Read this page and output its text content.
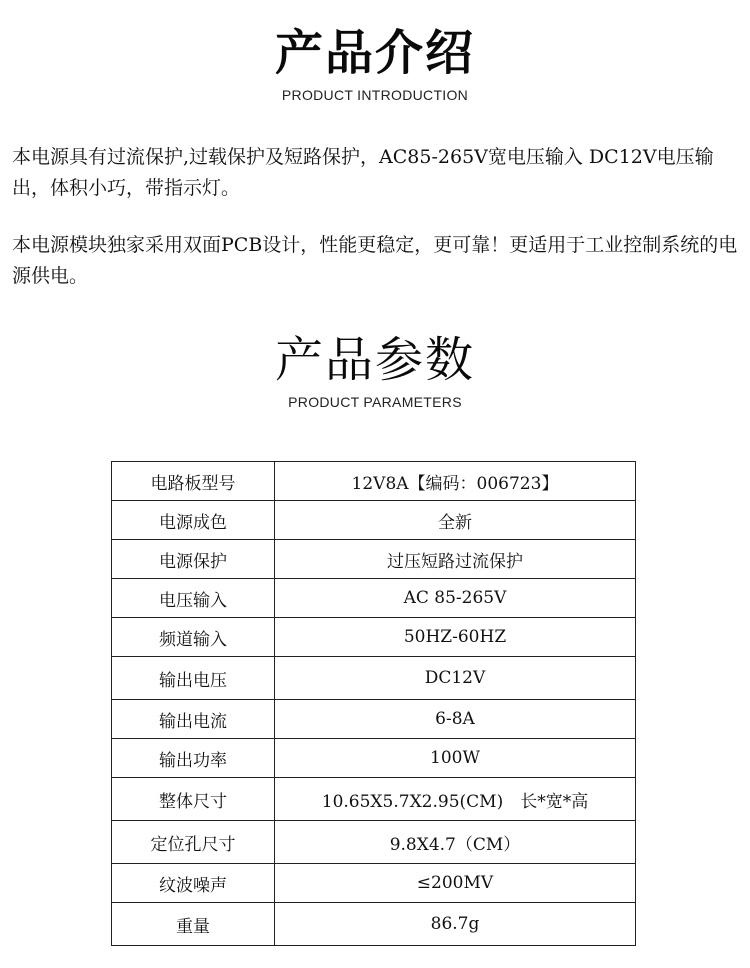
产品介绍
PRODUCT INTRODUCTION

本电源具有过流保护,过载保护及短路保护，AC85-265V宽电压输入 DC12V电压输出，体积小巧，带指示灯。

本电源模块独家采用双面PCB设计，性能更稳定，更可靠！更适用于工业控制系统的电源供电。

产品参数
PRODUCT PARAMETERS
电路板型号	12V8A【编码：006723】
电源成色	全新
电源保护	过压短路过流保护
电压输入	AC 85-265V
频道输入	50HZ-60HZ
输出电压	DC12V
输出电流	6-8A
输出功率	100W
整体尺寸	10.65X5.7X2.95(CM)　长*宽*高
定位孔尺寸	9.8X4.7（CM）
纹波噪声	≤200MV
重量	86.7g
